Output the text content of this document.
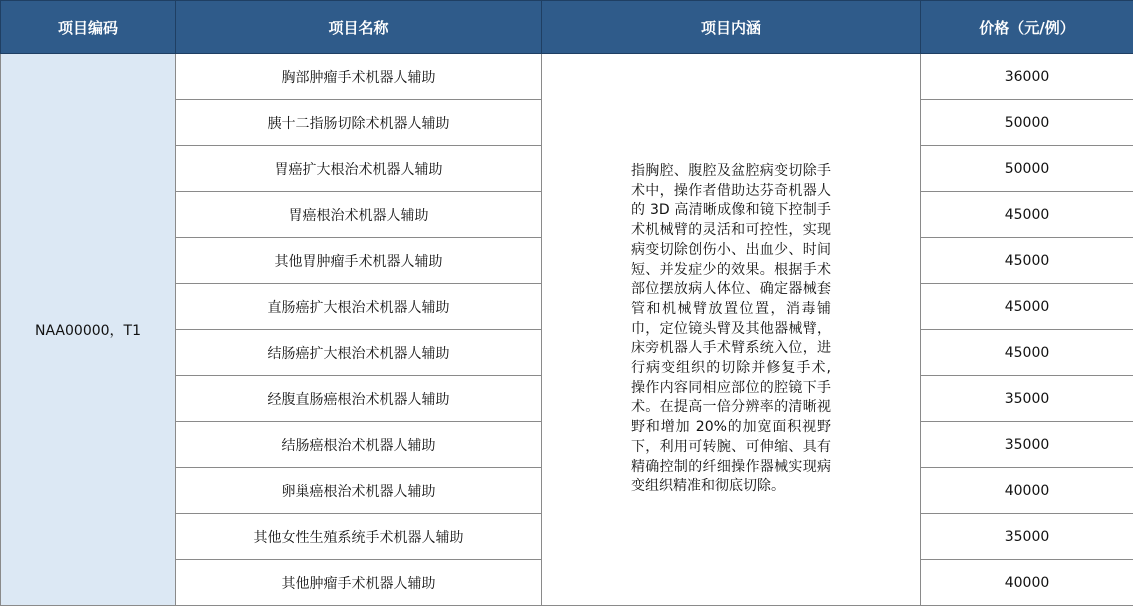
项目编码	项目名称	项目内涵	价格（元/例）
NAA00000，T1	胸部肿瘤手术机器人辅助	指胸腔、腹腔及盆腔病变切除手术中，操作者借助达芬奇机器人的 3D 高清晰成像和镜下控制手术机械臂的灵活和可控性，实现病变切除创伤小、出血少、时间短、并发症少的效果。根据手术部位摆放病人体位、确定器械套管和机械臂放置位置，消毒铺巾，定位镜头臂及其他器械臂，床旁机器人手术臂系统入位，进行病变组织的切除并修复手术,操作内容同相应部位的腔镜下手术。在提高一倍分辨率的清晰视野和增加 20%的加宽面积视野下，利用可转腕、可伸缩、具有精确控制的纤细操作器械实现病变组织精准和彻底切除。	36000
	胰十二指肠切除术机器人辅助		50000
	胃癌扩大根治术机器人辅助		50000
	胃癌根治术机器人辅助		45000
	其他胃肿瘤手术机器人辅助		45000
	直肠癌扩大根治术机器人辅助		45000
	结肠癌扩大根治术机器人辅助		45000
	经腹直肠癌根治术机器人辅助		35000
	结肠癌根治术机器人辅助		35000
	卵巢癌根治术机器人辅助		40000
	其他女性生殖系统手术机器人辅助		35000
	其他肿瘤手术机器人辅助		40000
